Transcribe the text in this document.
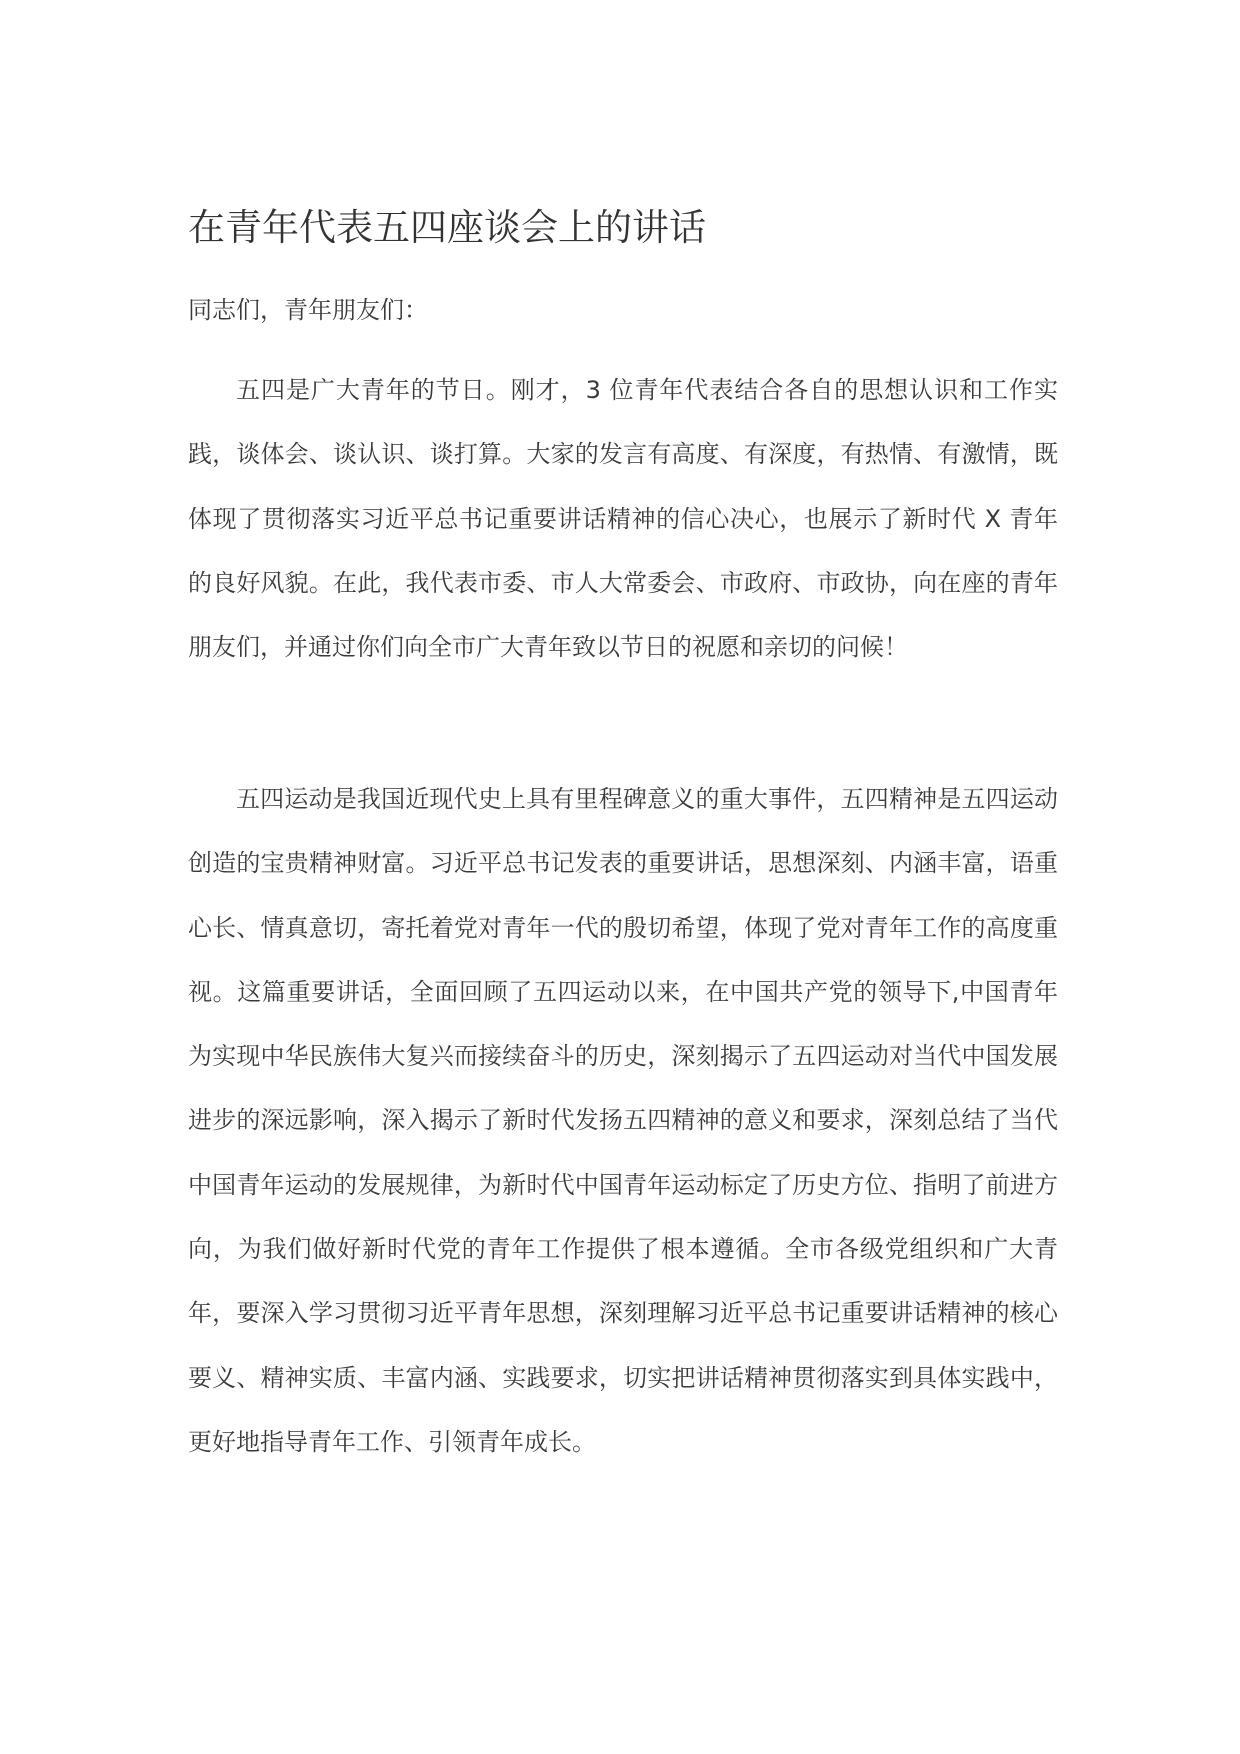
在青年代表五四座谈会上的讲话

同志们，青年朋友们：

五四是广大青年的节日。刚才，3 位青年代表结合各自的思想认识和工作实践，谈体会、谈认识、谈打算。大家的发言有高度、有深度，有热情、有激情，既体现了贯彻落实习近平总书记重要讲话精神的信心决心，也展示了新时代 X 青年的良好风貌。在此，我代表市委、市人大常委会、市政府、市政协，向在座的青年朋友们，并通过你们向全市广大青年致以节日的祝愿和亲切的问候！

五四运动是我国近现代史上具有里程碑意义的重大事件，五四精神是五四运动创造的宝贵精神财富。习近平总书记发表的重要讲话，思想深刻、内涵丰富，语重心长、情真意切，寄托着党对青年一代的殷切希望，体现了党对青年工作的高度重视。这篇重要讲话，全面回顾了五四运动以来，在中国共产党的领导下,中国青年为实现中华民族伟大复兴而接续奋斗的历史，深刻揭示了五四运动对当代中国发展进步的深远影响，深入揭示了新时代发扬五四精神的意义和要求，深刻总结了当代中国青年运动的发展规律，为新时代中国青年运动标定了历史方位、指明了前进方向，为我们做好新时代党的青年工作提供了根本遵循。全市各级党组织和广大青年，要深入学习贯彻习近平青年思想，深刻理解习近平总书记重要讲话精神的核心要义、精神实质、丰富内涵、实践要求，切实把讲话精神贯彻落实到具体实践中，更好地指导青年工作、引领青年成长。
